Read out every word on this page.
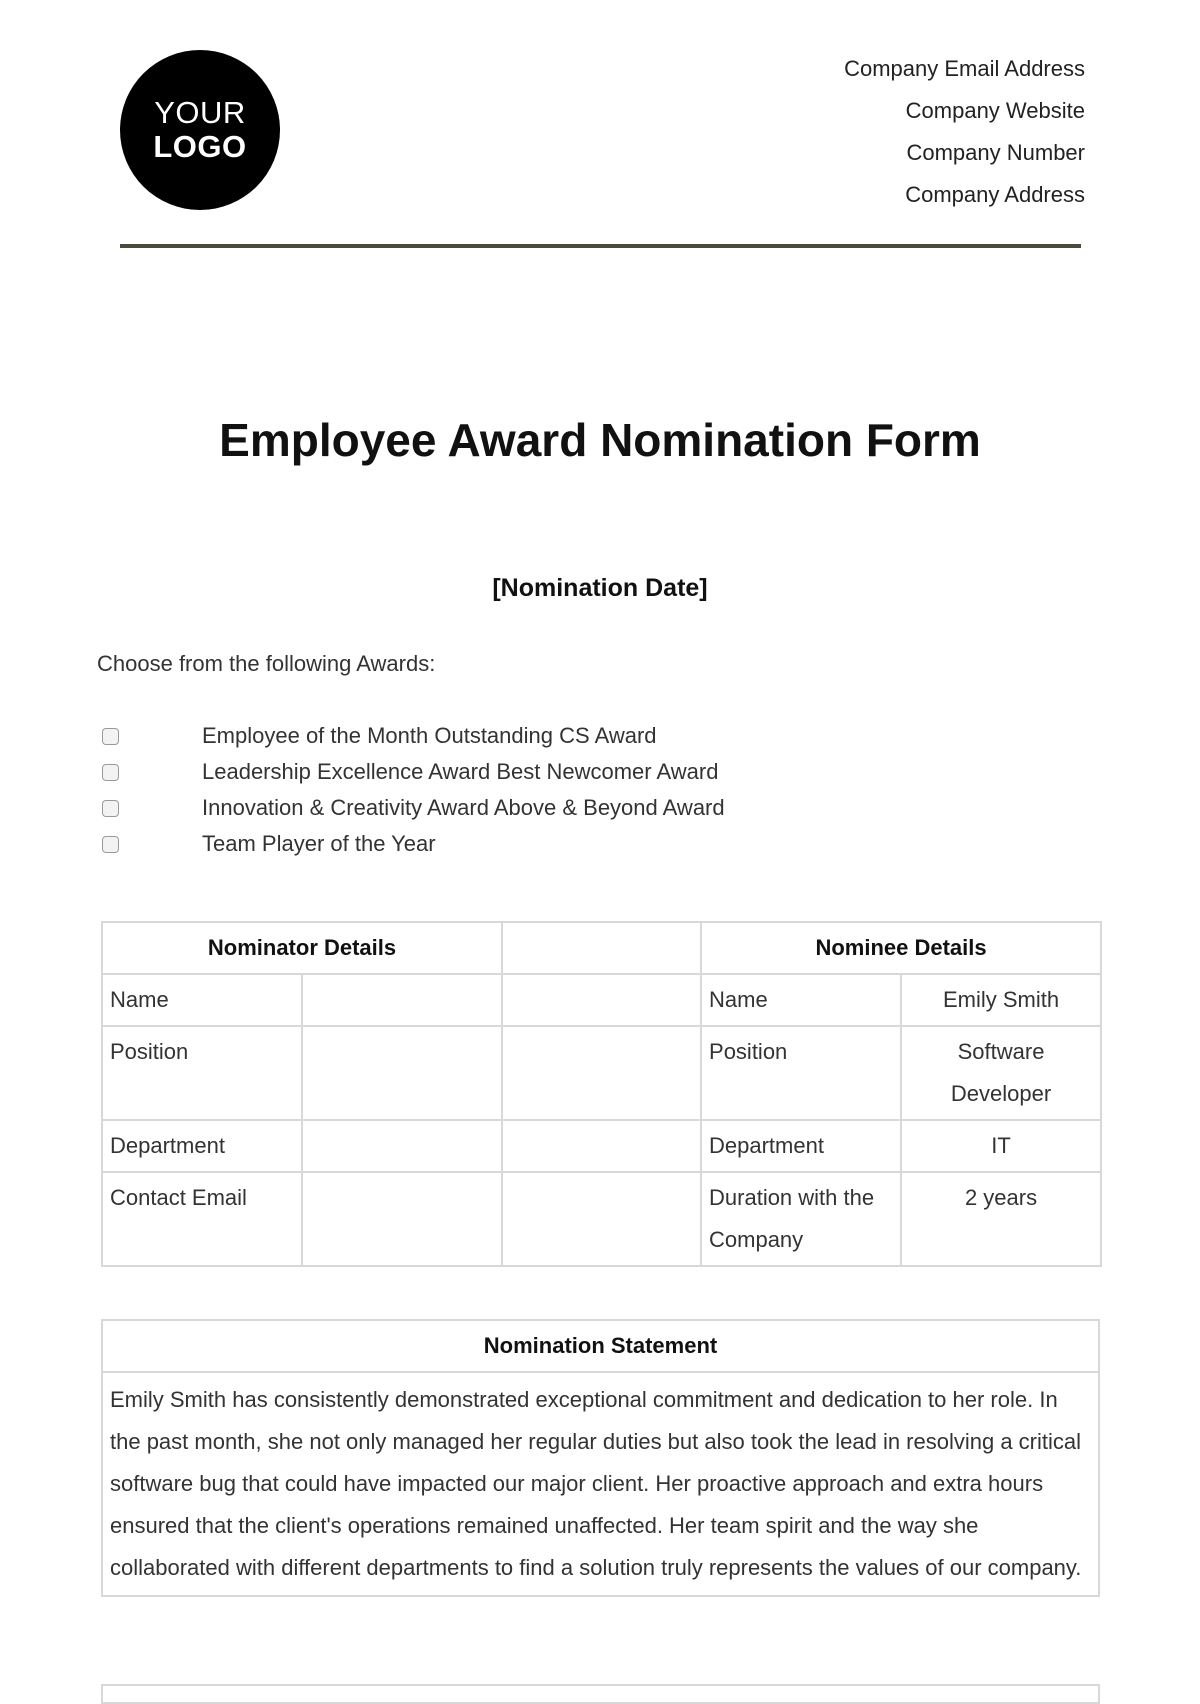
YOUR
LOGO
Company Email Address
Company Website
Company Number
Company Address
Employee Award Nomination Form
[Nomination Date]
Choose from the following Awards:
Employee of the Month Outstanding CS Award
Leadership Excellence Award Best Newcomer Award
Innovation & Creativity Award Above & Beyond Award
Team Player of the Year
Nominator Details			Nominee Details	
Name			Name	Emily Smith
Position			Position	Software Developer
Department			Department	IT
Contact Email			Duration with the Company	2 years
Nomination Statement
Emily Smith has consistently demonstrated exceptional commitment and dedication to her role. In the past month, she not only managed her regular duties but also took the lead in resolving a critical software bug that could have impacted our major client. Her proactive approach and extra hours ensured that the client's operations remained unaffected. Her team spirit and the way she collaborated with different departments to find a solution truly represents the values of our company.
